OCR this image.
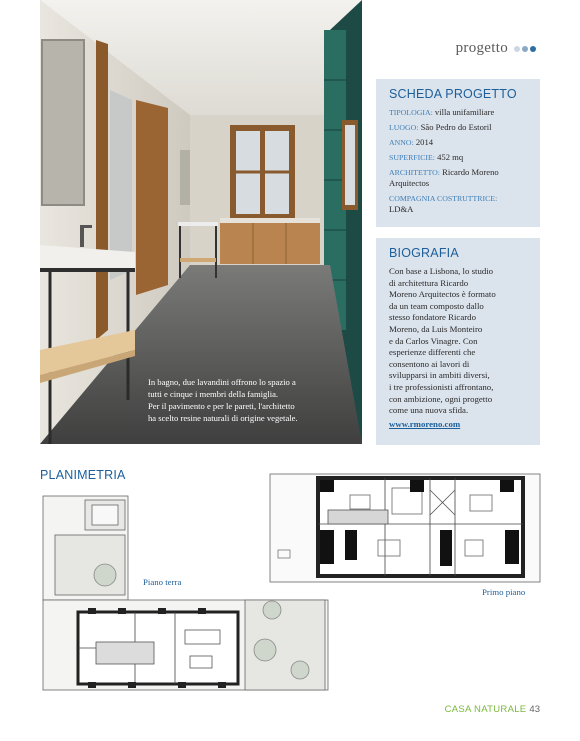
progetto

In bagno, due lavandini offrono lo spazio a

tutti e cinque i membri della famiglia.

Per il pavimento e per le pareti, l'architetto

ha scelto resine naturali di origine vegetale.

SCHEDA PROGETTO
TIPOLOGIA: villa unifamiliare
LUOGO: São Pedro do Estoril
ANNO: 2014
SUPERFICIE: 452 mq
ARCHITETTO: Ricardo Moreno Arquitectos
COMPAGNIA COSTRUTTRICE:
LD&A
BIOGRAFIA
Con base a Lisbona, lo studio
di architettura Ricardo
Moreno Arquitectos è formato
da un team composto dallo
stesso fondatore Ricardo
Moreno, da Luis Monteiro
e da Carlos Vinagre. Con
esperienze differenti che
consentono ai lavori di
svilupparsi in ambiti diversi,
i tre professionisti affrontano,
con ambizione, ogni progetto
come una nuova sfida.
www.rmoreno.com
PLANIMETRIA
Piano terra
Primo piano
CASA NATURALE 43
